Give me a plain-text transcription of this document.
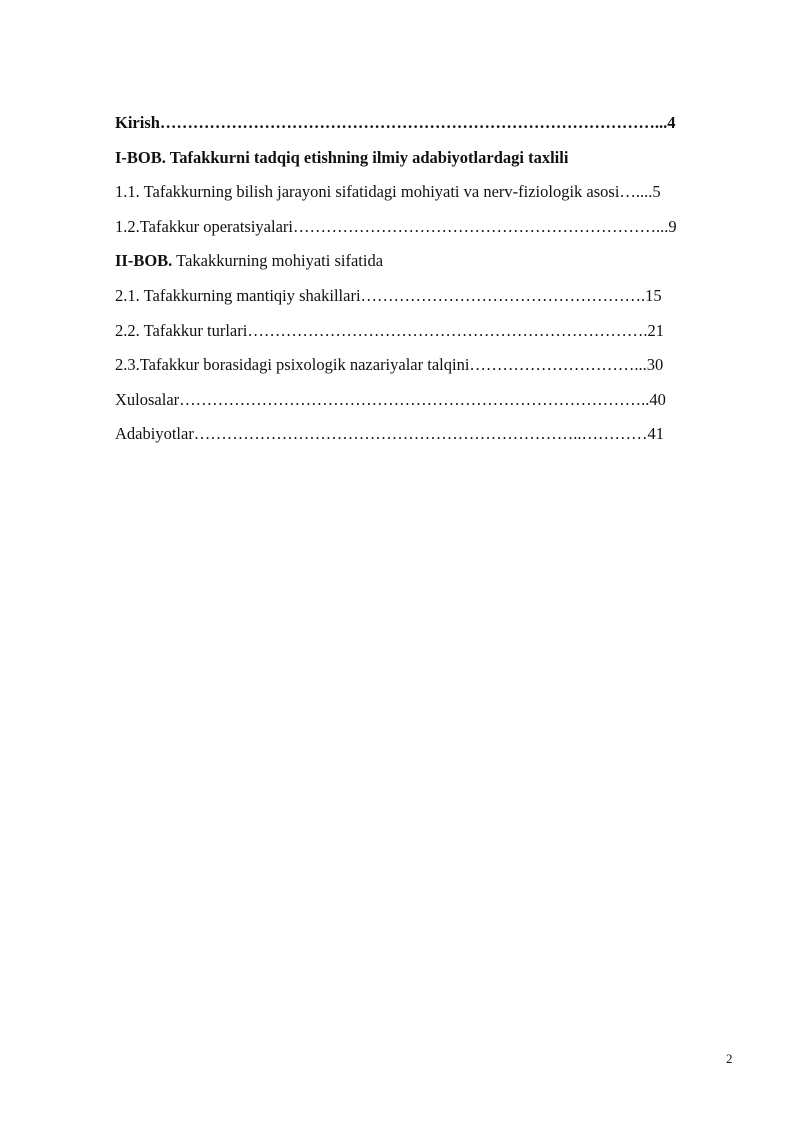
Kirish………………………………………………………………………………...4
I-BOB. Tafakkurni tadqiq etishning ilmiy adabiyotlardagi taxlili
1.1. Tafakkurning bilish jarayoni sifatidagi mohiyati va nerv-fiziologik asosi…....5
1.2.Tafakkur operatsiyalari…………………………………………………………...9
II-BOB. Takakkurning mohiyati sifatida
2.1. Tafakkurning mantiqiy shakillari…………………………………………….15
2.2. Tafakkur turlari……………………………………………………………….21
2.3.Tafakkur borasidagi psixologik nazariyalar talqini…………………………...30
Xulosalar…………………………………………………………………………..40
Adabiyotlar……………………………………………………………..…………41
2
